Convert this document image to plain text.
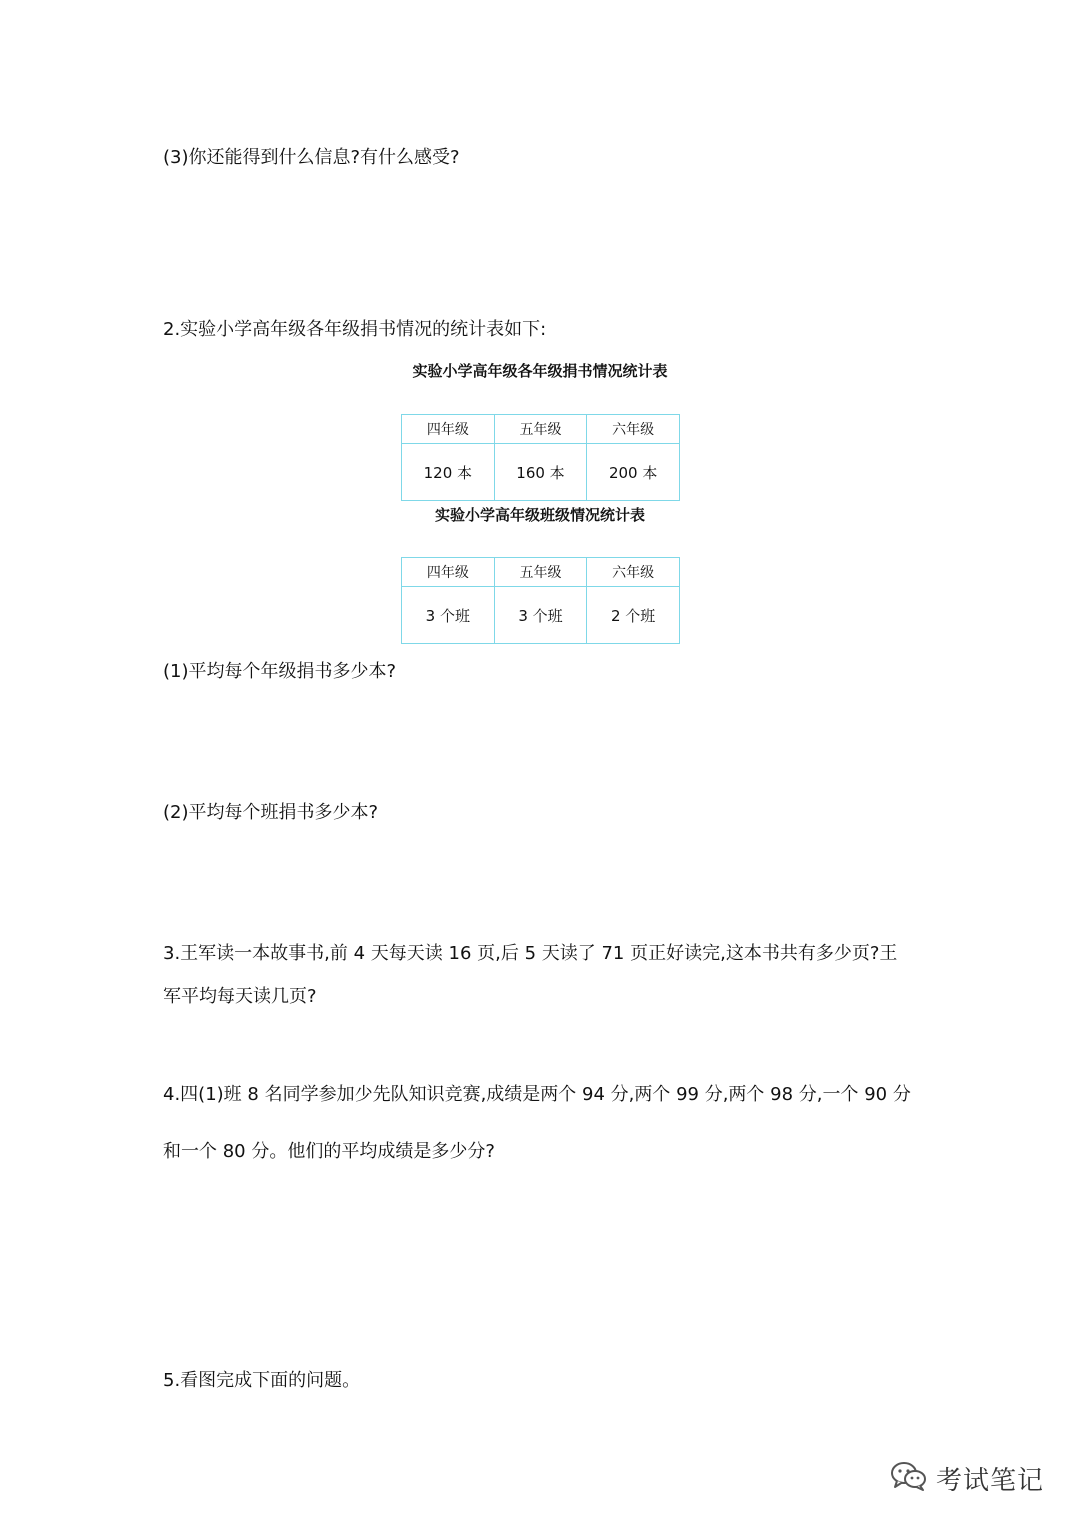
(3)你还能得到什么信息?有什么感受?
2.实验小学高年级各年级捐书情况的统计表如下:
实验小学高年级各年级捐书情况统计表
四年级	五年级	六年级
120 本	160 本	200 本
实验小学高年级班级情况统计表
四年级	五年级	六年级
3 个班	3 个班	2 个班
(1)平均每个年级捐书多少本?
(2)平均每个班捐书多少本?
3.王军读一本故事书,前 4 天每天读 16 页,后 5 天读了 71 页正好读完,这本书共有多少页?王
军平均每天读几页?
4.四(1)班 8 名同学参加少先队知识竞赛,成绩是两个 94 分,两个 99 分,两个 98 分,一个 90 分
和一个 80 分。他们的平均成绩是多少分?
5.看图完成下面的问题。
考试笔记
